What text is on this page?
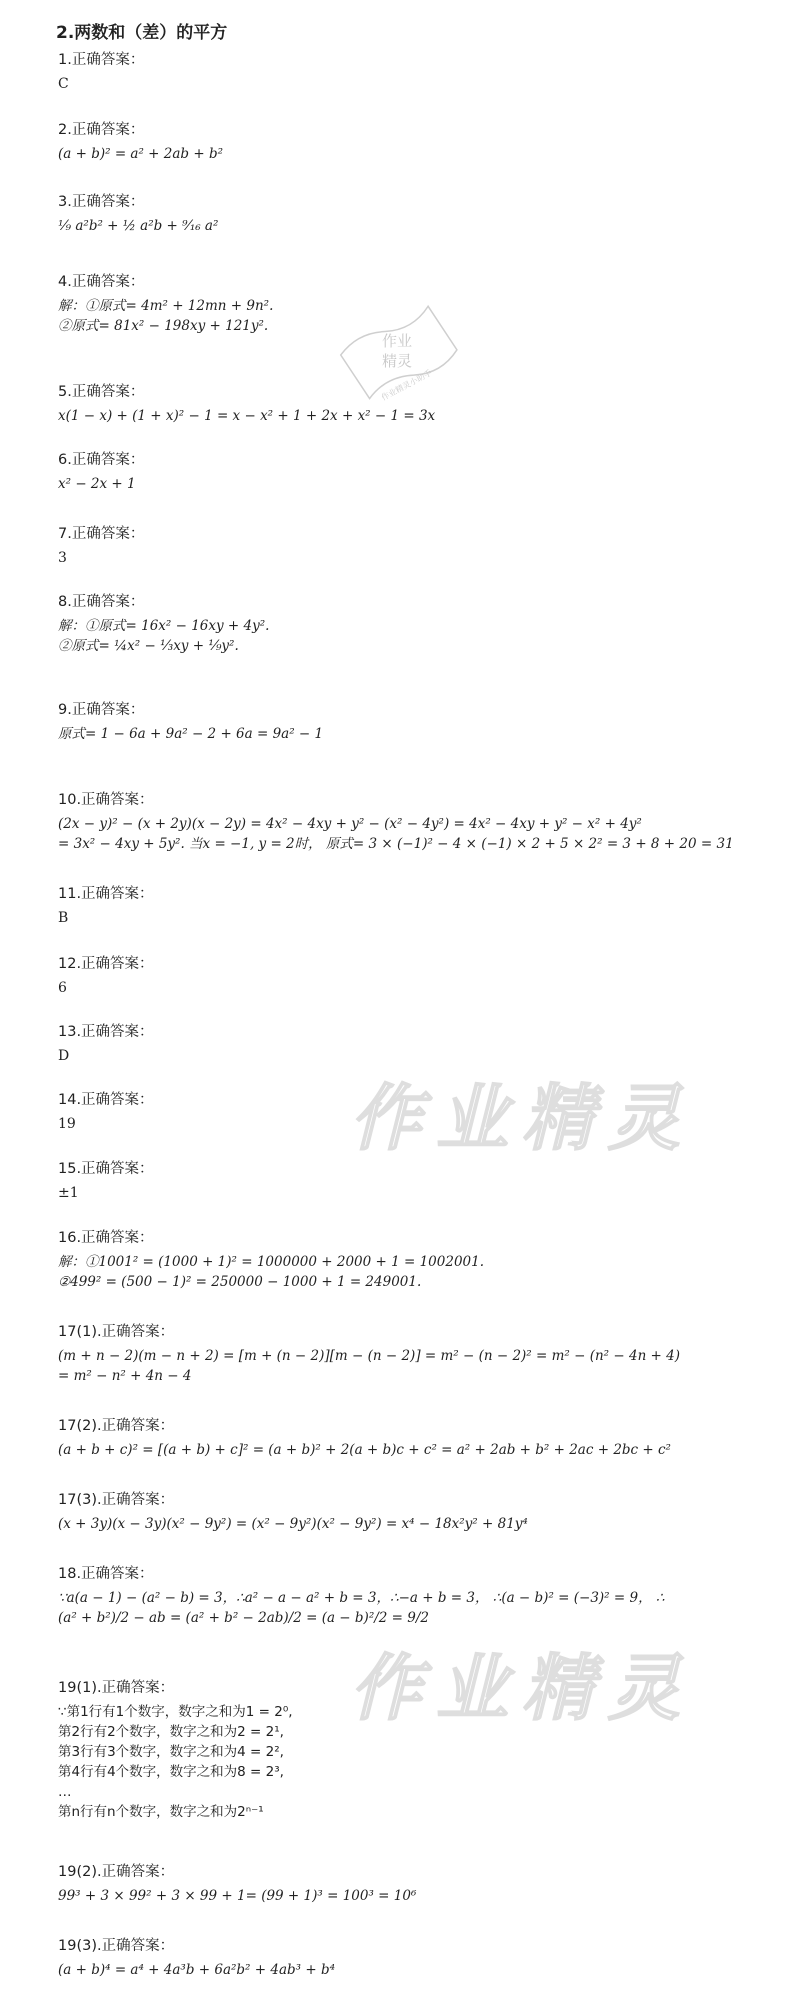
2.两数和（差）的平方
作业
精灵
作业精灵小助手
作业精灵
作业精灵
1.正确答案：
C
2.正确答案：
(a + b)² = a² + 2ab + b²
3.正确答案：
¹⁄₉ a²b² + ½ a²b + ⁹⁄₁₆ a²
4.正确答案：
解：①原式= 4m² + 12mn + 9n².
②原式= 81x² − 198xy + 121y².
5.正确答案：
x(1 − x) + (1 + x)² − 1 = x − x² + 1 + 2x + x² − 1 = 3x
6.正确答案：
x² − 2x + 1
7.正确答案：
3
8.正确答案：
解：①原式= 16x² − 16xy + 4y².
②原式= ¼x² − ⅓xy + ⅑y².
9.正确答案：
原式= 1 − 6a + 9a² − 2 + 6a = 9a² − 1
10.正确答案：
(2x − y)² − (x + 2y)(x − 2y) = 4x² − 4xy + y² − (x² − 4y²) = 4x² − 4xy + y² − x² + 4y²
= 3x² − 4xy + 5y². 当x = −1, y = 2时， 原式= 3 × (−1)² − 4 × (−1) × 2 + 5 × 2² = 3 + 8 + 20 = 31
11.正确答案：
B
12.正确答案：
6
13.正确答案：
D
14.正确答案：
19
15.正确答案：
±1
16.正确答案：
解：①1001² = (1000 + 1)² = 1000000 + 2000 + 1 = 1002001.
②499² = (500 − 1)² = 250000 − 1000 + 1 = 249001.
17(1).正确答案：
(m + n − 2)(m − n + 2) = [m + (n − 2)][m − (n − 2)] = m² − (n − 2)² = m² − (n² − 4n + 4)
= m² − n² + 4n − 4
17(2).正确答案：
(a + b + c)² = [(a + b) + c]² = (a + b)² + 2(a + b)c + c² = a² + 2ab + b² + 2ac + 2bc + c²
17(3).正确答案：
(x + 3y)(x − 3y)(x² − 9y²) = (x² − 9y²)(x² − 9y²) = x⁴ − 18x²y² + 81y⁴
18.正确答案：
∵a(a − 1) − (a² − b) = 3，∴a² − a − a² + b = 3，∴−a + b = 3， ∴(a − b)² = (−3)² = 9， ∴
(a² + b²)/2 − ab = (a² + b² − 2ab)/2 = (a − b)²/2 = 9/2
19(1).正确答案：
∵第1行有1个数字，数字之和为1 = 2⁰,
第2行有2个数字，数字之和为2 = 2¹,
第3行有3个数字，数字之和为4 = 2²,
第4行有4个数字，数字之和为8 = 2³,
…
第n行有n个数字，数字之和为2ⁿ⁻¹
19(2).正确答案：
99³ + 3 × 99² + 3 × 99 + 1= (99 + 1)³ = 100³ = 10⁶
19(3).正确答案：
(a + b)⁴ = a⁴ + 4a³b + 6a²b² + 4ab³ + b⁴
